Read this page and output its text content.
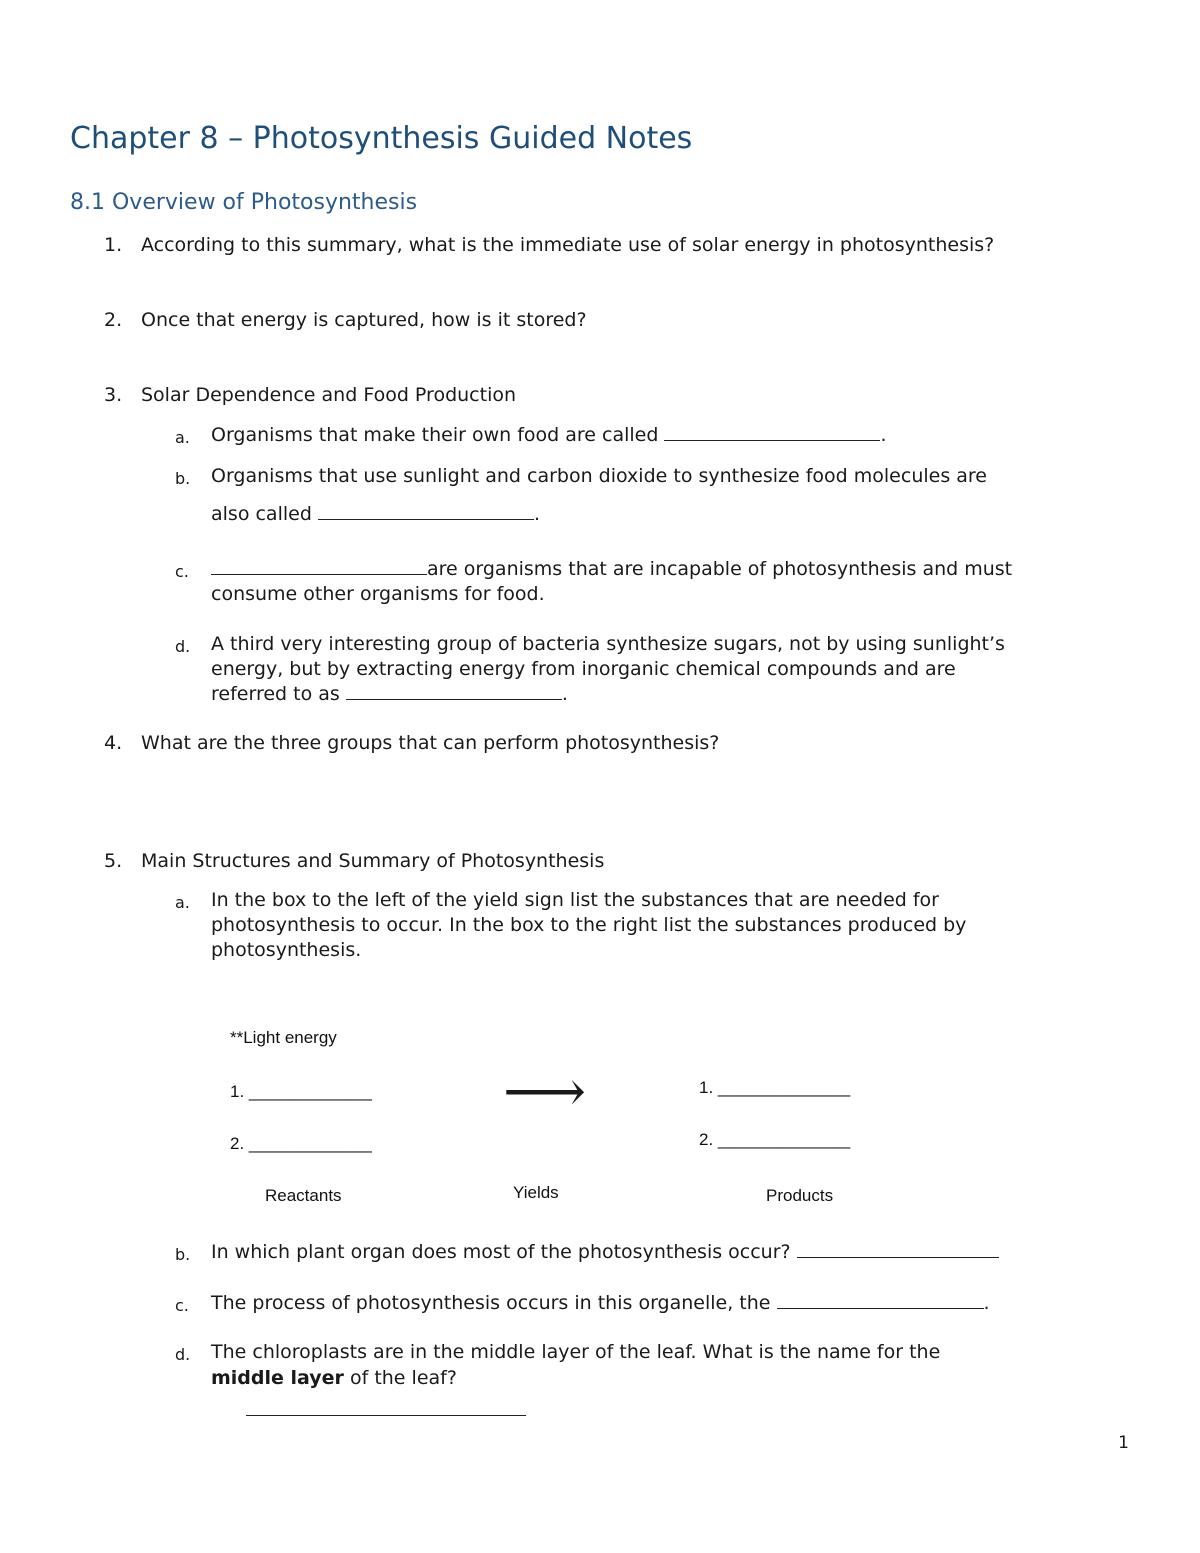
Chapter 8 – Photosynthesis Guided Notes
8.1 Overview of Photosynthesis
1. According to this summary, what is the immediate use of solar energy in photosynthesis?
2. Once that energy is captured, how is it stored?
3. Solar Dependence and Food Production
a. Organisms that make their own food are called	.
b. Organisms that use sunlight and carbon dioxide to synthesize food molecules are
also called	.
c.	are organisms that are incapable of photosynthesis and must
consume other organisms for food.
d. A third very interesting group of bacteria synthesize sugars, not by using sunlight’s
energy, but by extracting energy from inorganic chemical compounds and are
referred to as	.
4. What are the three groups that can perform photosynthesis?
5. Main Structures and Summary of Photosynthesis
a. In the box to the left of the yield sign list the substances that are needed for
photosynthesis to occur. In the box to the right list the substances produced by
photosynthesis.
**Light energy
1. _____________
2. _____________
⟶	1. ______________
2. ______________
Reactants	Yields	Products
b. In which plant organ does most of the photosynthesis occur?
c. The process of photosynthesis occurs in this organelle, the	.
d. The chloroplasts are in the middle layer of the leaf. What is the name for the
middle layer of the leaf?
1
